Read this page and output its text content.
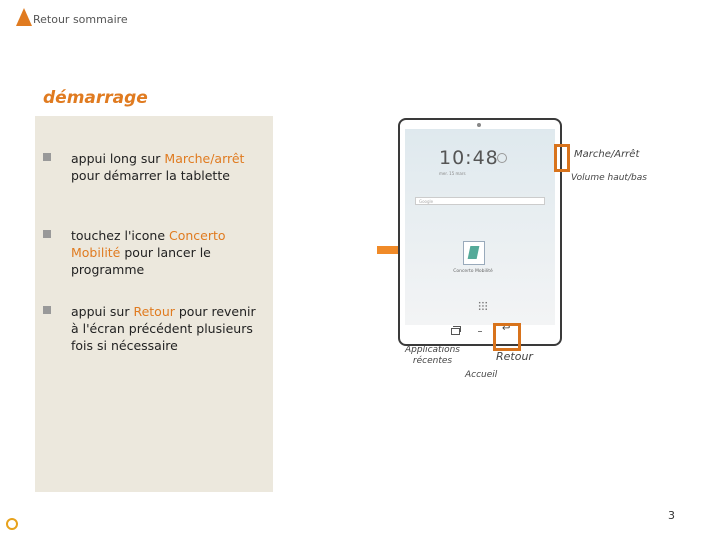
Retour sommaire
démarrage
appui long sur Marche/arrêt pour démarrer la tablette
touchez l'icone Concerto Mobilité pour lancer le programme
appui sur Retour pour revenir à l'écran précédent plusieurs fois si nécessaire
10:48
mer. 15 mars
Google
Concerto Mobilité
↩
Marche/Arrêt
Volume haut/bas
Applications récentes	Retour
Accueil
3
